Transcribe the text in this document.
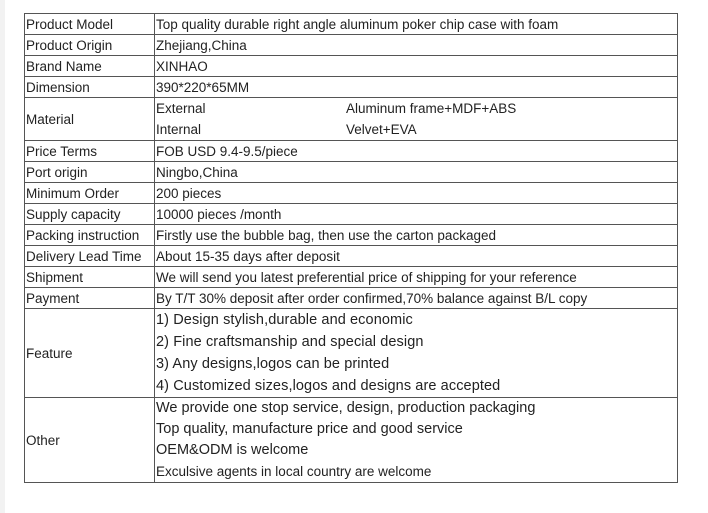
Product Model	Top quality durable right angle aluminum poker chip case with foam
Product Origin	Zhejiang,China
Brand Name	XINHAO
Dimension	390*220*65MM
Material	External Aluminum frame+MDF+ABS
Internal Velvet+EVA

Price Terms	FOB USD 9.4-9.5/piece
Port origin	Ningbo,China
Minimum Order	200 pieces
Supply capacity	10000 pieces /month
Packing instruction	Firstly use the bubble bag, then use the carton packaged
Delivery Lead Time	About 15-35 days after deposit
Shipment	We will send you latest preferential price of shipping for your reference
Payment	By T/T 30% deposit after order confirmed,70% balance against B/L copy
Feature	1) Design stylish,durable and economic
2) Fine craftsmanship and special design
3) Any designs,logos can be printed
4) Customized sizes,logos and designs are accepted

Other	We provide one stop service, design, production packaging
Top quality, manufacture price and good service
OEM&ODM is welcome
Exculsive agents in local country are welcome
